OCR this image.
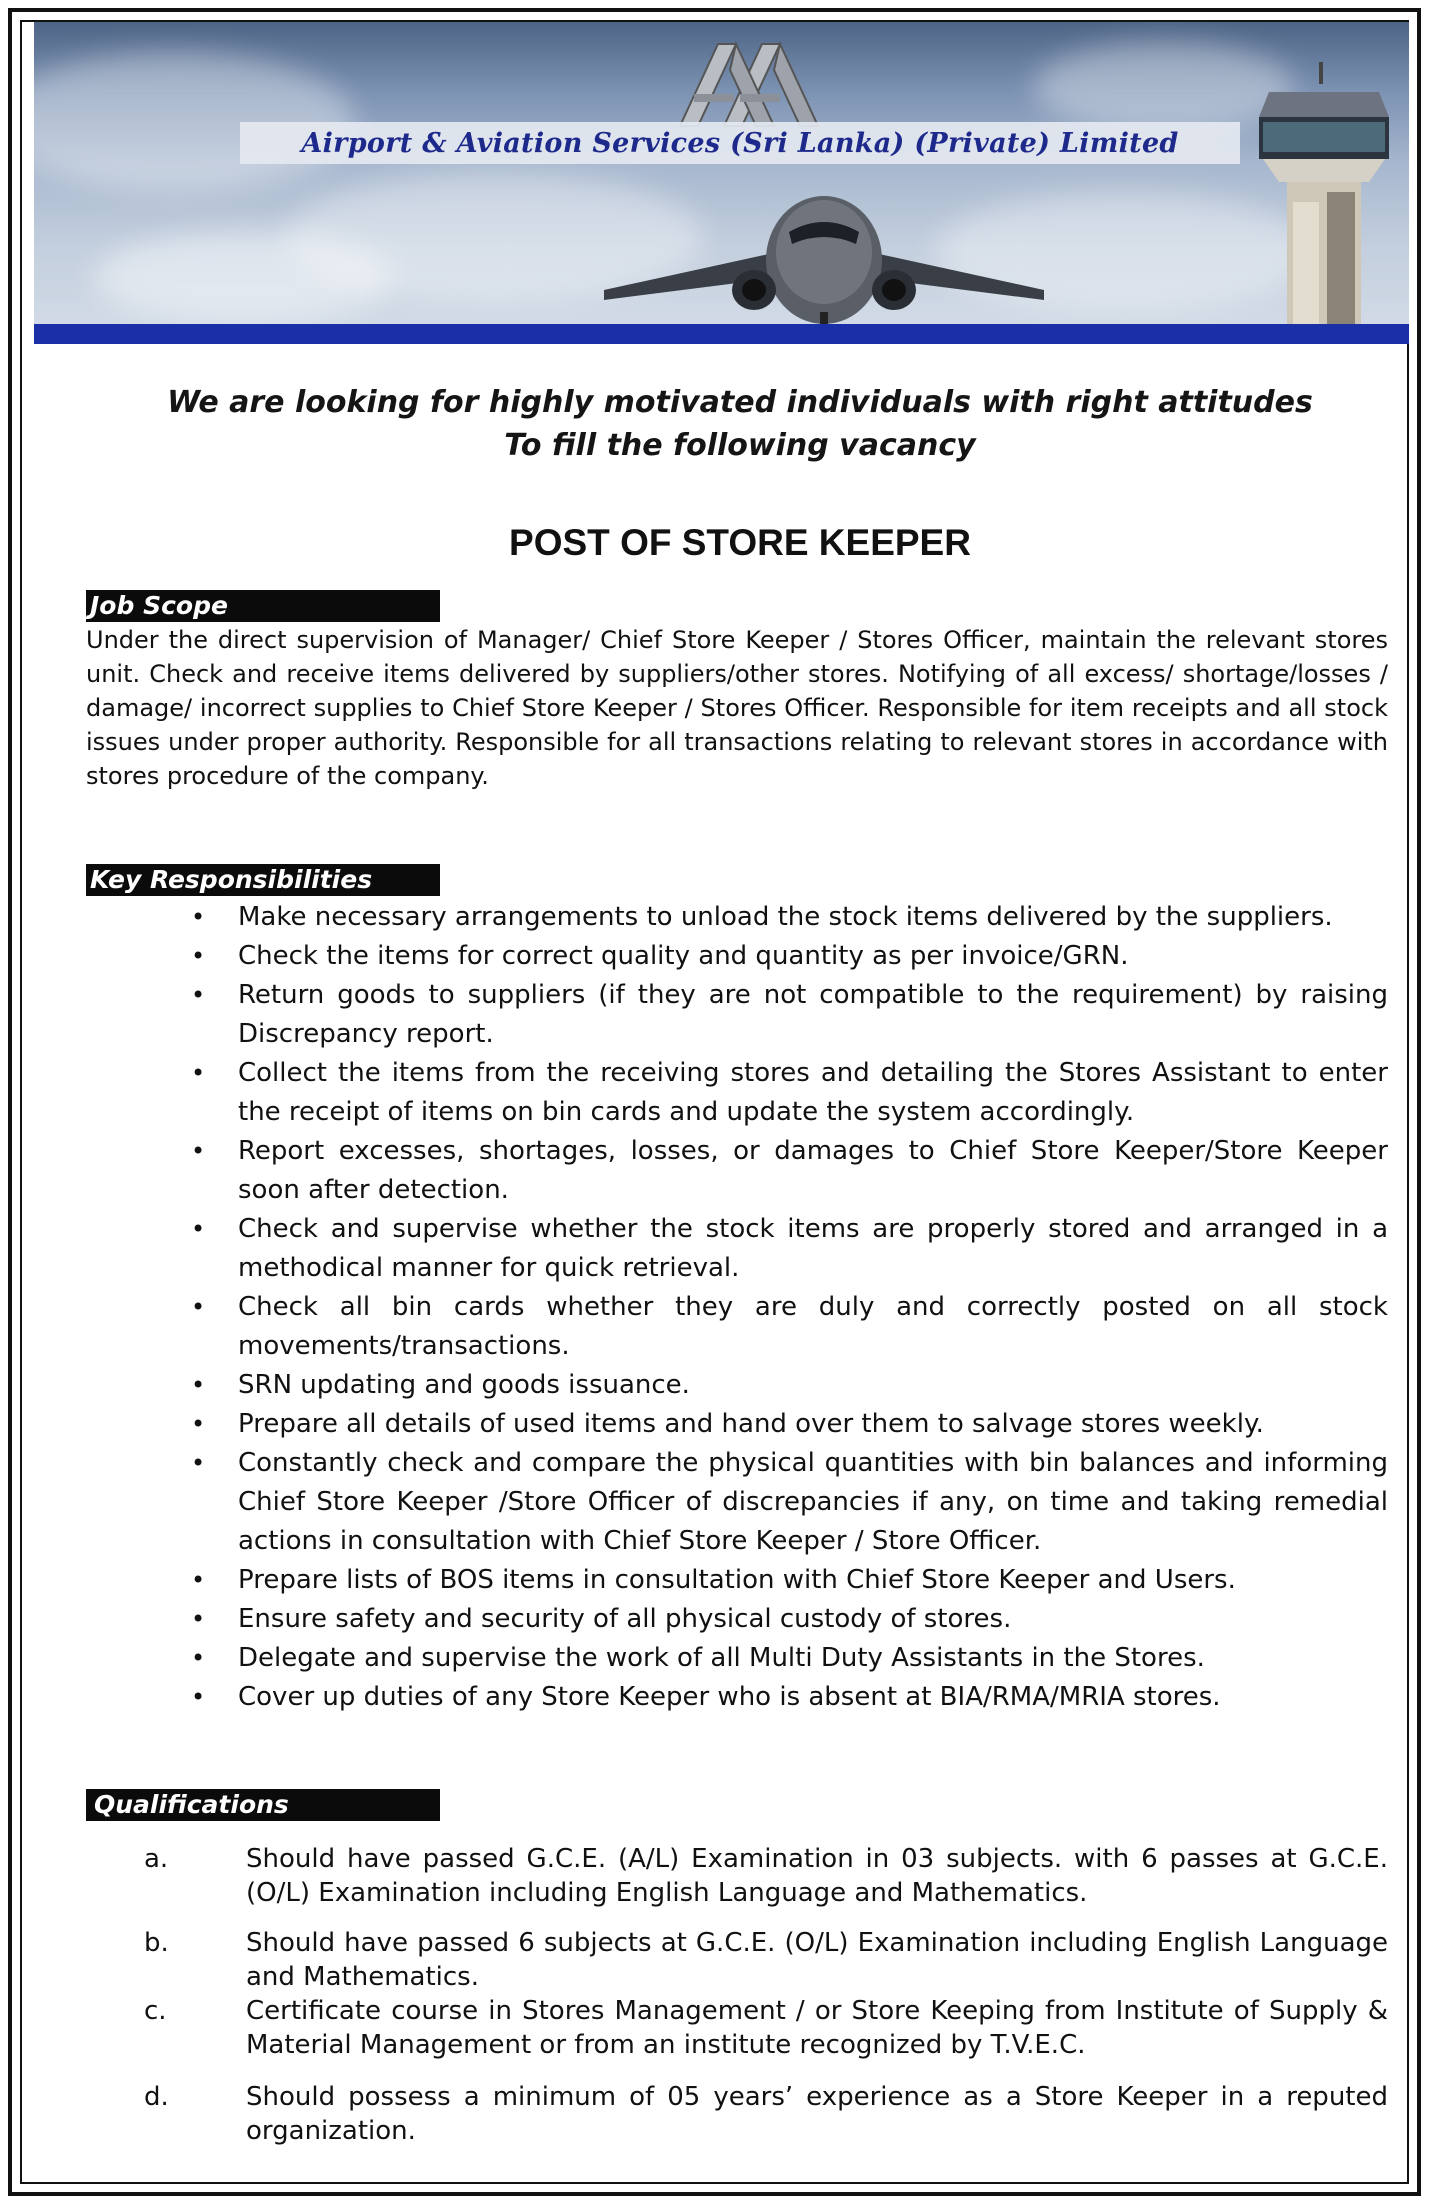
Airport & Aviation Services (Sri Lanka) (Private) Limited
We are looking for highly motivated individuals with right attitudes
To fill the following vacancy
POST OF STORE KEEPER
Job Scope
Under the direct supervision of Manager/ Chief Store Keeper / Stores Officer, maintain the relevant stores unit. Check and receive items delivered by suppliers/other stores. Notifying of all excess/ shortage/losses / damage/ incorrect supplies to Chief Store Keeper / Stores Officer. Responsible for item receipts and all stock issues under proper authority. Responsible for all transactions relating to relevant stores in accordance with stores procedure of the company.
Key Responsibilities
• Make necessary arrangements to unload the stock items delivered by the suppliers.
• Check the items for correct quality and quantity as per invoice/GRN.
• Return goods to suppliers (if they are not compatible to the requirement) by raising Discrepancy report.
• Collect the items from the receiving stores and detailing the Stores Assistant to enter the receipt of items on bin cards and update the system accordingly.
• Report excesses, shortages, losses, or damages to Chief Store Keeper/Store Keeper soon after detection.
• Check and supervise whether the stock items are properly stored and arranged in a methodical manner for quick retrieval.
• Check all bin cards whether they are duly and correctly posted on all stock movements/transactions.
• SRN updating and goods issuance.
• Prepare all details of used items and hand over them to salvage stores weekly.
• Constantly check and compare the physical quantities with bin balances and informing Chief Store Keeper /Store Officer of discrepancies if any, on time and taking remedial actions in consultation with Chief Store Keeper / Store Officer.
• Prepare lists of BOS items in consultation with Chief Store Keeper and Users.
• Ensure safety and security of all physical custody of stores.
• Delegate and supervise the work of all Multi Duty Assistants in the Stores.
• Cover up duties of any Store Keeper who is absent at BIA/RMA/MRIA stores.
Qualifications
a.	Should have passed G.C.E. (A/L) Examination in 03 subjects. with 6 passes at G.C.E. (O/L) Examination including English Language and Mathematics.
b.	Should have passed 6 subjects at G.C.E. (O/L) Examination including English Language and Mathematics.
c.	Certificate course in Stores Management / or Store Keeping from Institute of Supply & Material Management or from an institute recognized by T.V.E.C.
d.	Should possess a minimum of 05 years’ experience as a Store Keeper in a reputed organization.
